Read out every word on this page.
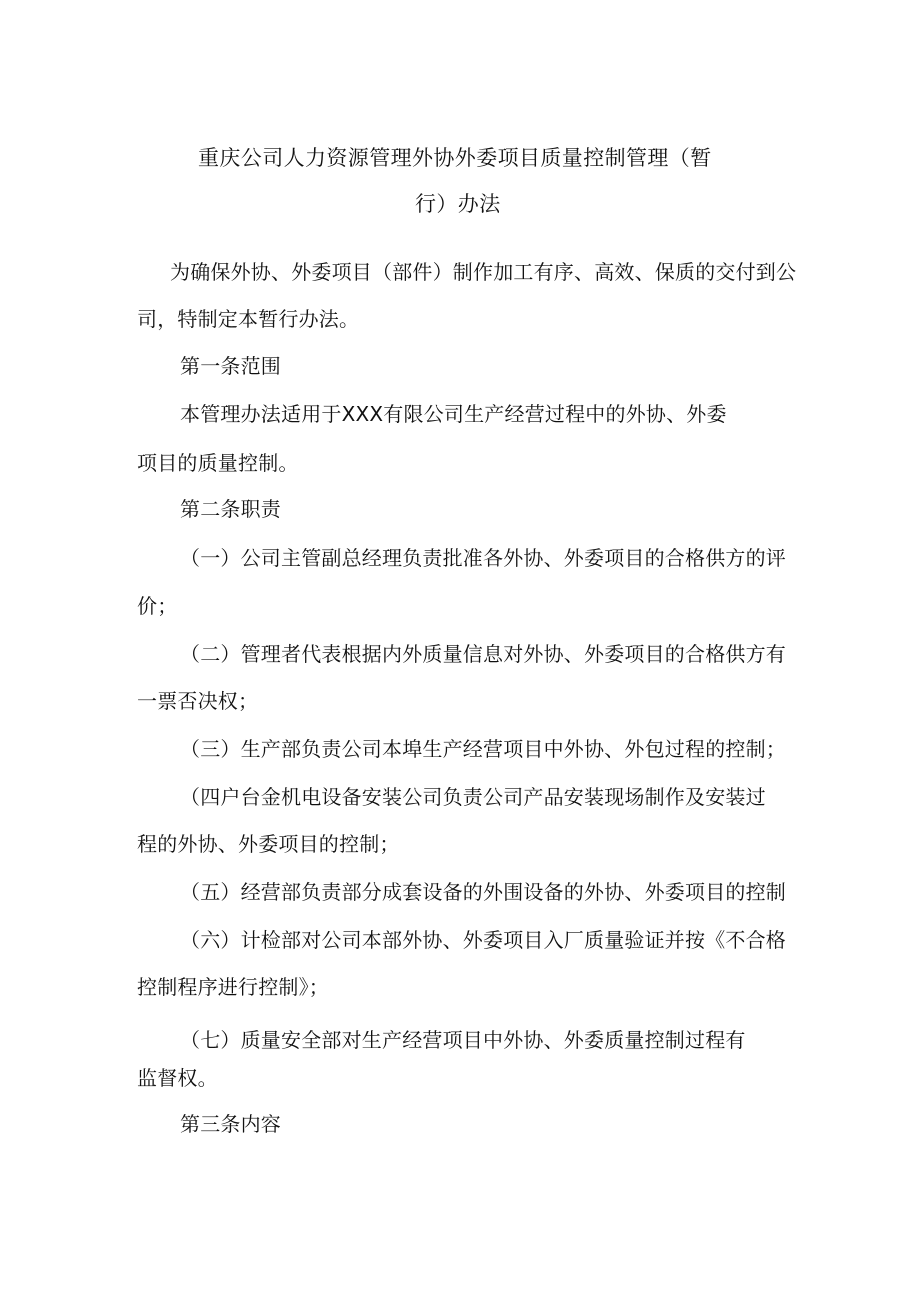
重庆公司人力资源管理外协外委项目质量控制管理（暂
行）办法
为确保外协、外委项目（部件）制作加工有序、高效、保质的交付到公
司，特制定本暂行办法。
第一条范围
本管理办法适用于XXX有限公司生产经营过程中的外协、外委
项目的质量控制。
第二条职责
（一）公司主管副总经理负责批准各外协、外委项目的合格供方的评
价；
（二）管理者代表根据内外质量信息对外协、外委项目的合格供方有
一票否决权；
（三）生产部负责公司本埠生产经营项目中外协、外包过程的控制；
（四户台金机电设备安装公司负责公司产品安装现场制作及安装过
程的外协、外委项目的控制；
（五）经营部负责部分成套设备的外围设备的外协、外委项目的控制
（六）计检部对公司本部外协、外委项目入厂质量验证并按《不合格
控制程序进行控制》；
（七）质量安全部对生产经营项目中外协、外委质量控制过程有
监督权。
第三条内容
